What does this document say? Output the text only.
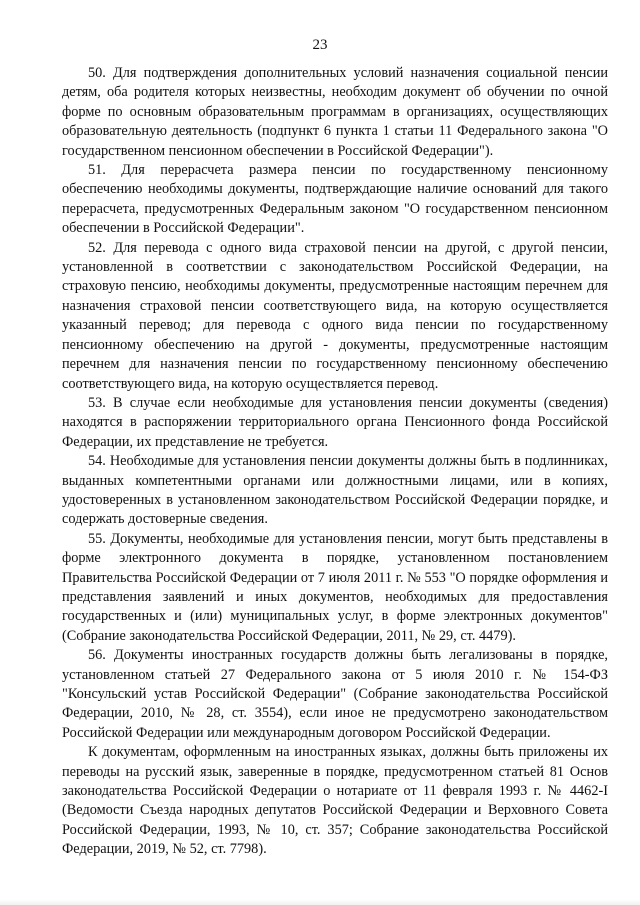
23

50. Для подтверждения дополнительных условий назначения социальной пенсии детям, оба родителя которых неизвестны, необходим документ об обучении по очной форме по основным образовательным программам в организациях, осуществляющих образовательную деятельность (подпункт 6 пункта 1 статьи 11 Федерального закона "О государственном пенсионном обеспечении в Российской Федерации").

51. Для перерасчета размера пенсии по государственному пенсионному обеспечению необходимы документы, подтверждающие наличие оснований для такого перерасчета, предусмотренных Федеральным законом "О государственном пенсионном обеспечении в Российской Федерации".

52. Для перевода с одного вида страховой пенсии на другой, с другой пенсии, установленной в соответствии с законодательством Российской Федерации, на страховую пенсию, необходимы документы, предусмотренные настоящим перечнем для назначения страховой пенсии соответствующего вида, на которую осуществляется указанный перевод; для перевода с одного вида пенсии по государственному пенсионному обеспечению на другой - документы, предусмотренные настоящим перечнем для назначения пенсии по государственному пенсионному обеспечению соответствующего вида, на которую осуществляется перевод.

53. В случае если необходимые для установления пенсии документы (сведения) находятся в распоряжении территориального органа Пенсионного фонда Российской Федерации, их представление не требуется.

54. Необходимые для установления пенсии документы должны быть в подлинниках, выданных компетентными органами или должностными лицами, или в копиях, удостоверенных в установленном законодательством Российской Федерации порядке, и содержать достоверные сведения.

55. Документы, необходимые для установления пенсии, могут быть представлены в форме электронного документа в порядке, установленном постановлением Правительства Российской Федерации от 7 июля 2011 г. № 553 "О порядке оформления и представления заявлений и иных документов, необходимых для предоставления государственных и (или) муниципальных услуг, в форме электронных документов" (Собрание законодательства Российской Федерации, 2011, № 29, ст. 4479).

56. Документы иностранных государств должны быть легализованы в порядке, установленном статьей 27 Федерального закона от 5 июля 2010 г. № 154-ФЗ "Консульский устав Российской Федерации" (Собрание законодательства Российской Федерации, 2010, № 28, ст. 3554), если иное не предусмотрено законодательством Российской Федерации или международным договором Российской Федерации.

К документам, оформленным на иностранных языках, должны быть приложены их переводы на русский язык, заверенные в порядке, предусмотренном статьей 81 Основ законодательства Российской Федерации о нотариате от 11 февраля 1993 г. № 4462-I (Ведомости Съезда народных депутатов Российской Федерации и Верховного Совета Российской Федерации, 1993, № 10, ст. 357; Собрание законодательства Российской Федерации, 2019, № 52, ст. 7798).
